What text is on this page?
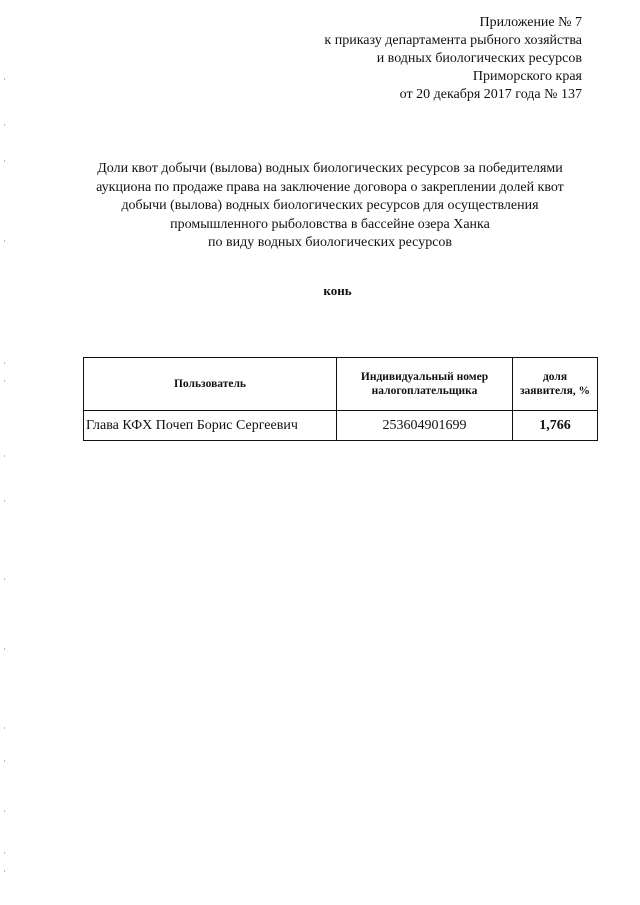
Приложение № 7
к приказу департамента рыбного хозяйства
и водных биологических ресурсов
Приморского края
от 20 декабря 2017 года № 137
Доли квот добычи (вылова) водных биологических ресурсов за победителями
аукциона по продаже права на заключение договора о закреплении долей квот
добычи (вылова) водных биологических ресурсов для осуществления
промышленного рыболовства в бассейне озера Ханка
по виду водных биологических ресурсов
конь
Пользователь	Индивидуальный номер налогоплательщика	доля заявителя, %
Глава КФХ Почеп Борис Сергеевич	253604901699	1,766
